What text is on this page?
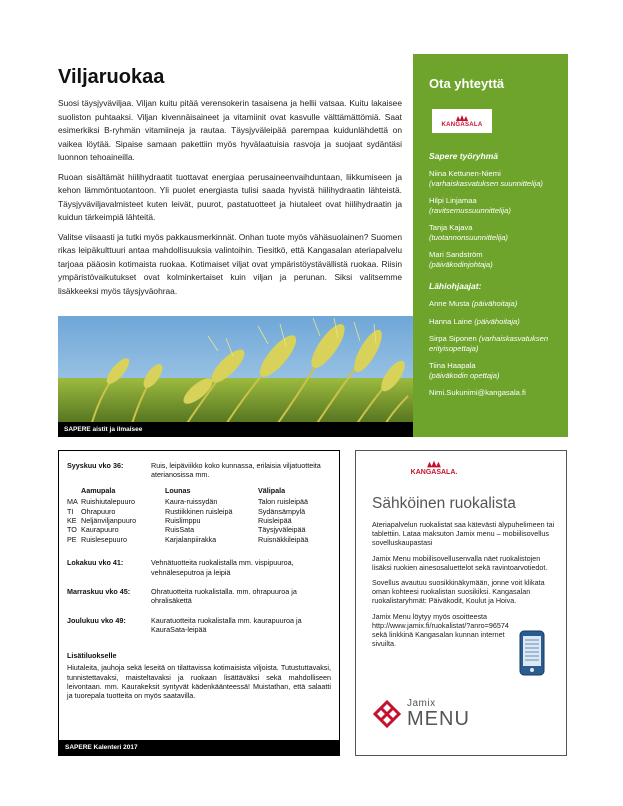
Viljaruokaa

Suosi täysjyväviljaa. Viljan kuitu pitää verensokerin tasaisena ja hellii vatsaa. Kuitu lakaisee suoliston puhtaaksi. Viljan kivennäisaineet ja vitamiinit ovat kasvulle välttämättömiä. Saat esimerkiksi B-ryhmän vitamiineja ja rautaa. Täysjyväleipää parempaa kuidunlähdettä on vaikea löytää. Sipaise samaan pakettiin myös hyvälaatuisia rasvoja ja suojaat sydäntäsi luonnon tehoaineilla.

Ruoan sisältämät hiilihydraatit tuottavat energiaa perusaineenvaihduntaan, liikkumiseen ja kehon lämmöntuotantoon. Yli puolet energiasta tulisi saada hyvistä hiilihydraatin lähteistä. Täysjyväviljavalmisteet kuten leivät, puurot, pastatuotteet ja hiutaleet ovat hiilihydraatin ja kuidun tärkeimpiä lähteitä.

Valitse viisaasti ja tutki myös pakkausmerkinnät. Onhan tuote myös vähäsuolainen? Suomen rikas leipäkulttuuri antaa mahdollisuuksia valintoihin. Tiesitkö, että Kangasalan ateriapalvelu tarjoaa pääosin kotimaista ruokaa. Kotimaiset viljat ovat ympäristöystävällistä ruokaa. Riisin ympäristövaikutukset ovat kolminkertaiset kuin viljan ja perunan. Siksi valitsemme lisäkkeeksi myös täysjyväohraa.

SAPERE aistit ja ilmaisee
Ota yhteyttä
KANGASALA
Sapere työryhmä
Niina Kettunen-Niemi (varhaiskasvatuksen suunnittelija)
Hilpi Linjamaa
(ravitsemussuunnittelija)
Tanja Kajava
(tuotannonsuunnittelija)
Mari Sandström
(päiväkodinjohtaja)
Lähiohjaajat:
Anne Musta (päivähoitaja)
Hanna Laine (päivähoitaja)
Sirpa Siponen (varhaiskasvatuksen erityisopettaja)
Tiina Haapala
(päiväkodin opettaja)
Nimi.Sukunimi@kangasala.fi
Syyskuu vko 36:	Ruis, leipäviikko koko kunnassa, erilaisia viljatuotteita aterianosissa mm.
Aamupala	Lounas	Välipala
MA Ruishiutalepuuro	Kaura-ruissydän	Talon ruisleipää
TI	Ohrapuuro	Rustiikkinen ruisleipä	Sydänsämpylä
KE Neljänviljanpuuro	Ruislimppu	Ruisleipää
TO Kaurapuuro	RuisSata	Täysjyväleipää
PE Ruislesepuuro	Karjalanpiirakka	Ruisnäkkileipää
Lokakuu vko 41:	Vehnätuotteita ruokalistalla mm. vispipuuroa, vehnäleseputroa ja leipiä
Marraskuu vko 45:	Ohratuotteita ruokalistalla. mm. ohrapuuroa ja ohralisäkettä
Joulukuu vko 49:	Kauratuotteita ruokalistalla mm. kaurapuuroa ja KauraSata-leipää
Lisätiluokselle
Hiutaleita, jauhoja sekä leseitä on tilattavissa kotimaisista viljoista. Tutustuttavaksi, tunnistettavaksi, maisteltavaksi ja ruokaan lisättäväksi sekä mahdolliseen leivontaan. mm. Kaurakeksit syntyvät kädenkäänteessä! Muistathan, että salaatti ja tuorepala tuotteita on myös saatavilla.
SAPERE Kalenteri 2017
KANGASALA.
Sähköinen ruokalista

Ateriapalvelun ruokalistat saa kätevästi älypuhelimeen tai tablettiin. Lataa maksuton Jamix menu – mobiilisovellus sovelluskaupastasi

Jamix Menu mobiilisovellusenvalla näet ruokalistojen lisäksi ruokien ainesosaluettelot sekä ravintoarvotiedot.

Sovellus avautuu suosikkinäkymään, jonne voit klikata oman kohteesi ruokalistan suosikiksi. Kangasalan ruokalistaryhmät: Päiväkodit, Koulut ja Hoiva.

Jamix Menu löytyy myös osoitteesta http://www.jamix.fi/ruokalistat/?anro=96574 sekä linkkinä Kangasalan kunnan internet sivuilta.

Jamix
MENU
